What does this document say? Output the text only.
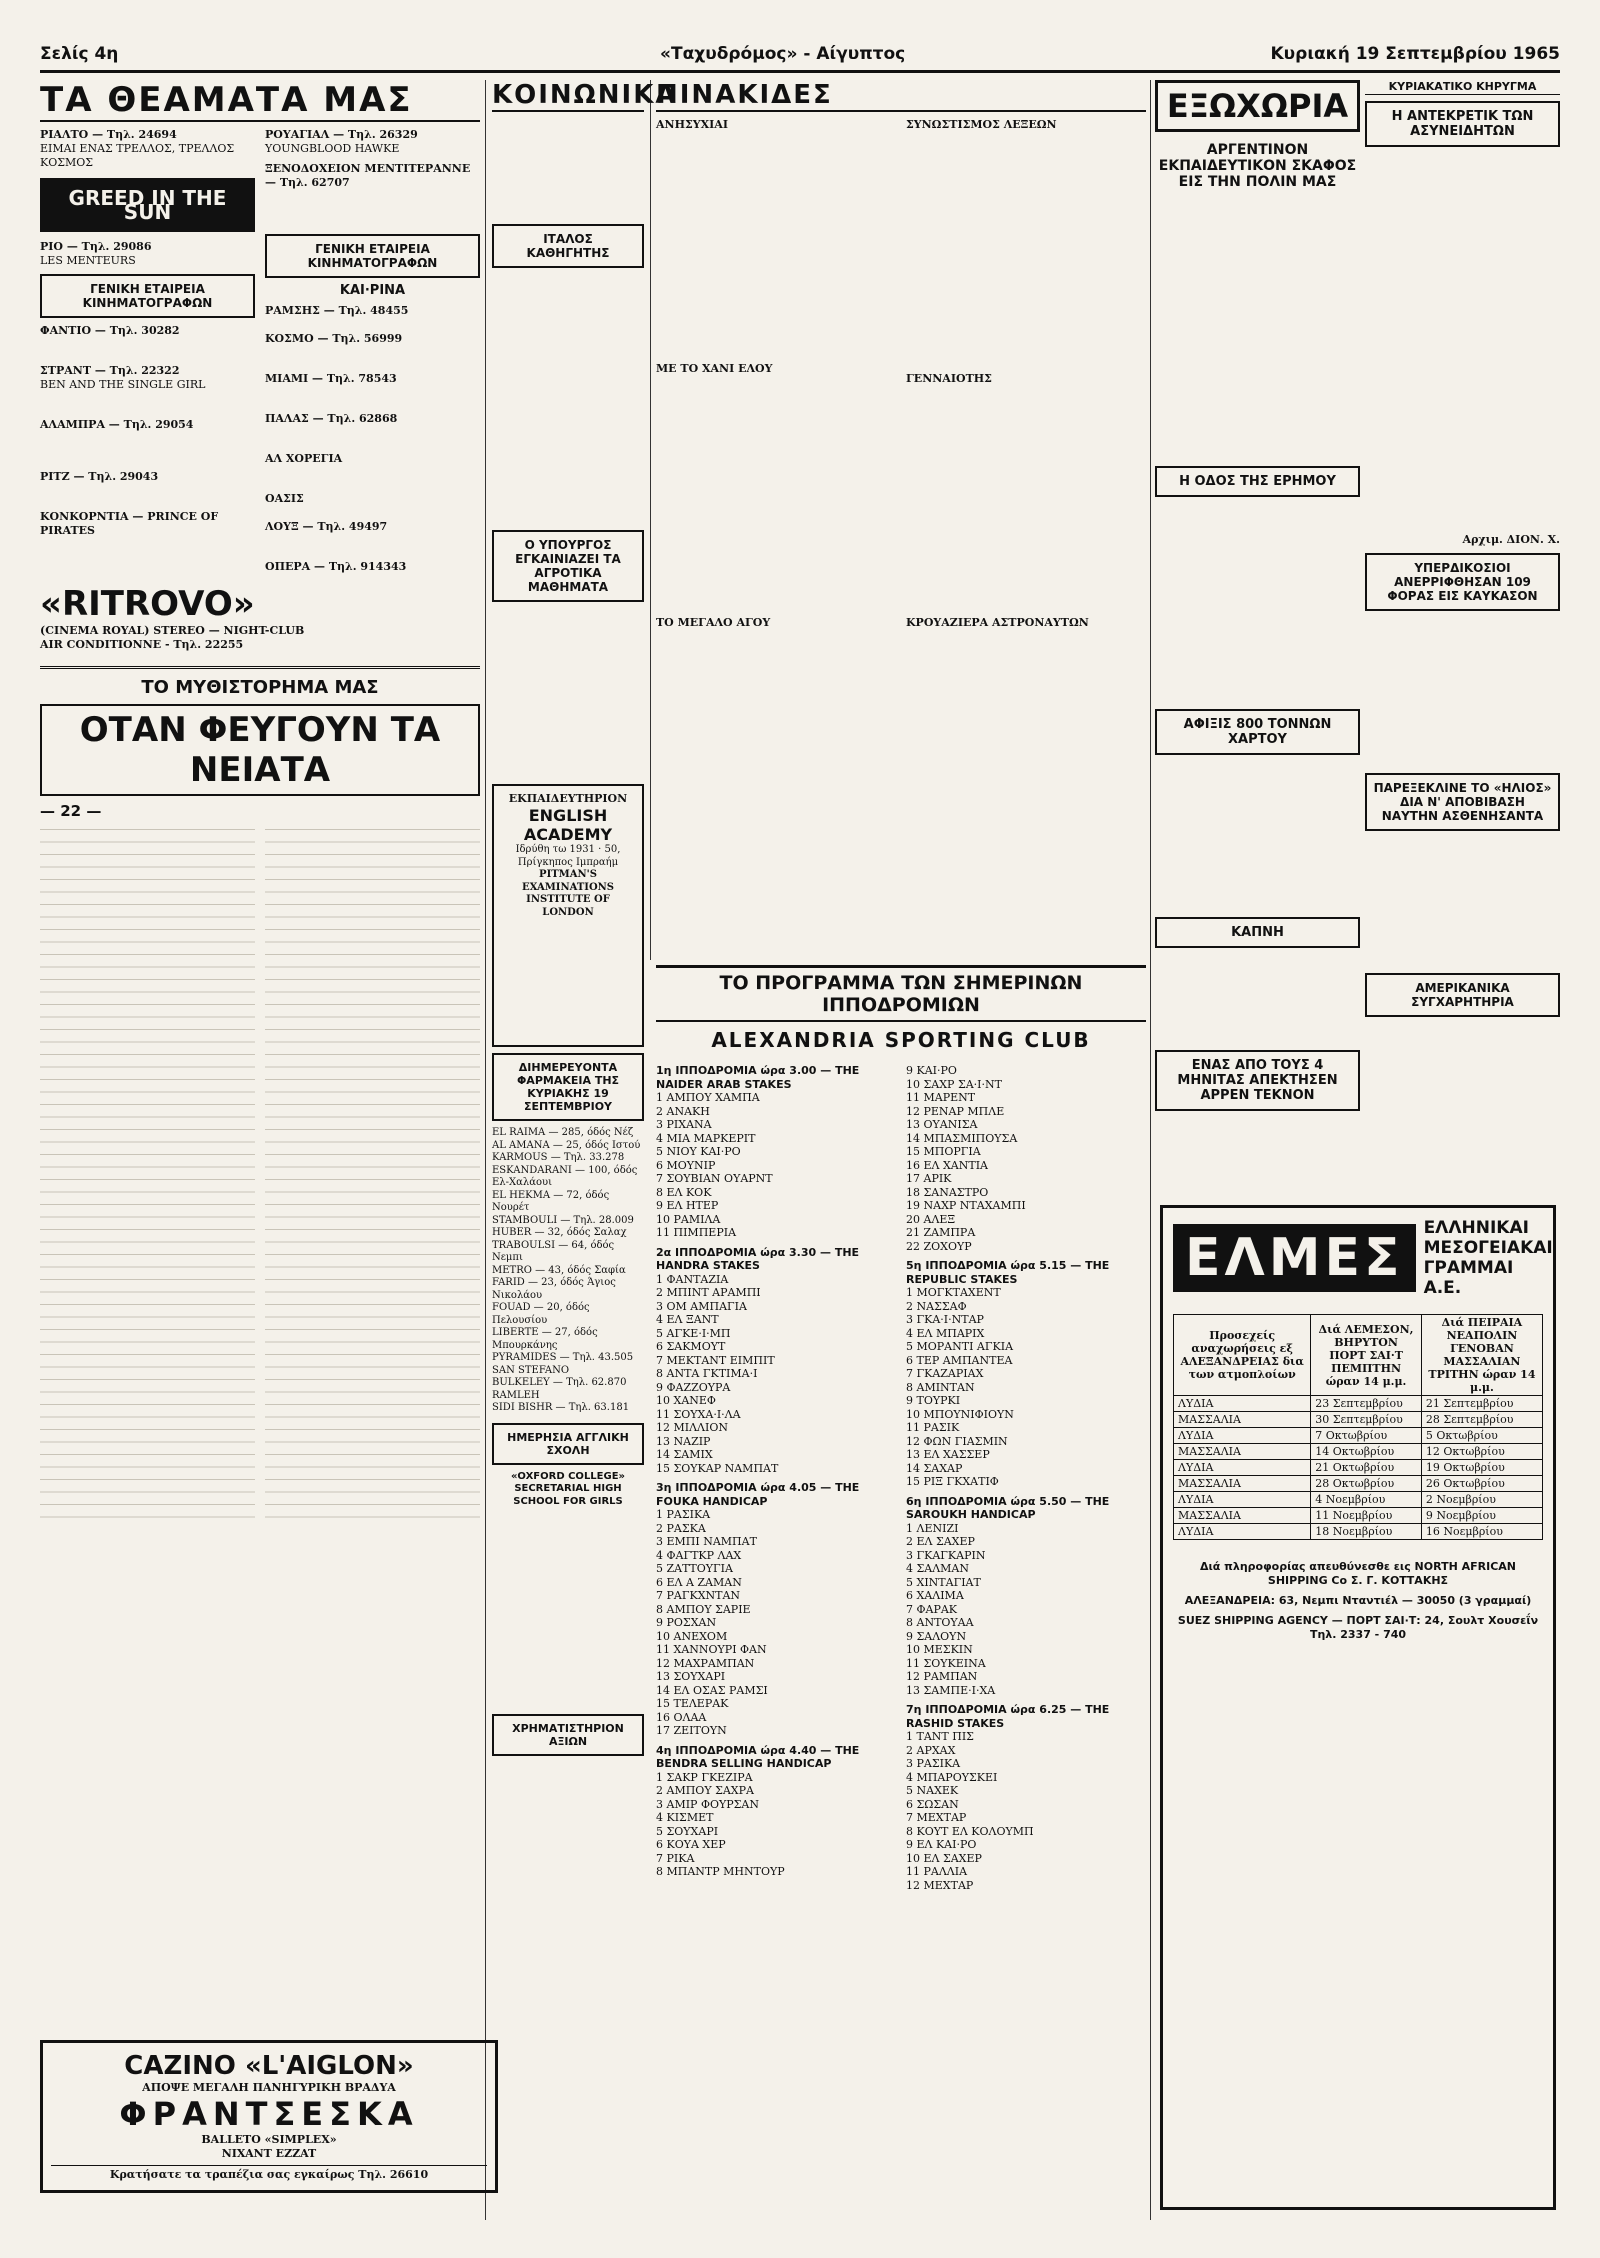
Σελίς 4η	«Ταχυδρόμος» - Αίγυπτος	Κυριακή 19 Σεπτεμβρίου 1965
ΤΑ ΘΕΑΜΑΤΑ ΜΑΣ
ΡΙΑΛΤΟ — Τηλ. 24694
ΕΙΜΑΙ ΕΝΑΣ ΤΡΕΛΛΟΣ, ΤΡΕΛΛΟΣ ΚΟΣΜΟΣ
GREED IN THE SUN
ΡΙΟ — Τηλ. 29086
LES MENTEURS
ΓΕΝΙΚΗ ΕΤΑΙΡΕΙΑ ΚΙΝΗΜΑΤΟΓΡΑΦΩΝ
ΦΑΝΤΙΟ — Τηλ. 30282
ΣΤΡΑΝΤ — Τηλ. 22322
BEN AND THE SINGLE GIRL
ΑΛΑΜΠΡΑ — Τηλ. 29054
PITZ — Τηλ. 29043
ΚΟΝΚΟΡΝΤΙΑ — PRINCE OF PIRATES
ΡΟΥΑΓΙΑΛ — Τηλ. 26329
YOUNGBLOOD HAWKE
ΞΕΝΟΔΟΧΕΙΟΝ ΜΕΝΤΙΤΕΡΑΝΝΕ — Τηλ. 62707
ΓΕΝΙΚΗ ΕΤΑΙΡΕΙΑ ΚΙΝΗΜΑΤΟΓΡΑΦΩΝ
ΚΑΙ·ΡΙΝΑ
ΡΑΜΣΗΣ — Τηλ. 48455
ΚΟΣΜΟ — Τηλ. 56999
ΜΙΑΜΙ — Τηλ. 78543
ΠΑΛΑΣ — Τηλ. 62868
ΑΛ ΧΟΡΕΓΙΑ
ΟΑΣΙΣ
ΛΟΥΞ — Τηλ. 49497
ΟΠΕΡΑ — Τηλ. 914343
«RITROVO»
(CINEMA ROYAL) STEREO — NIGHT-CLUB
AIR CONDITIONNE - Τηλ. 22255
ΤΟ ΜΥΘΙΣΤΟΡΗΜΑ ΜΑΣ
ΟΤΑΝ ΦΕΥΓΟΥΝ ΤΑ ΝΕΙΑΤΑ
— 22 —
CAZINO «L'AIGLON»
ΑΠΟΨΕ ΜΕΓΑΛΗ ΠΑΝΗΓΥΡΙΚΗ ΒΡΑΔΥΑ
ΦΡΑΝΤΣΕΣΚΑ
BALLETO «SIMPLEX»
NIXANT EZZAT
Κρατήσατε τα τραπέζια σας εγκαίρως Τηλ. 26610
ΚΟΙΝΩΝΙΚΑ
ΙΤΑΛΟΣ ΚΑΘΗΓΗΤΗΣ
Ο ΥΠΟΥΡΓΟΣ ΕΓΚΑΙΝΙΑΖΕΙ ΤΑ ΑΓΡΟΤΙΚΑ ΜΑΘΗΜΑΤΑ
ΕΚΠΑΙΔΕΥΤΗΡΙΟΝ
ENGLISH ACADEMY
Ιδρύθη τω 1931 · 50, Πρίγκηπος Ιμπραήμ
PITMAN'S EXAMINATIONS INSTITUTE OF LONDON
ΔΙΗΜΕΡΕΥΟΝΤΑ ΦΑΡΜΑΚΕΙΑ ΤΗΣ ΚΥΡΙΑΚΗΣ 19 ΣΕΠΤΕΜΒΡΙΟΥ
EL RAIMA — 285, όδός Νέζ
AL AMANA — 25, όδός Ιστού
KARMOUS — Τηλ. 33.278
ESKANDARANI — 100, όδός Ελ-Χαλάουι
EL HEKMA — 72, όδός Νουρέτ
STAMBOULI — Τηλ. 28.009
HUBER — 32, όδός Σαλαχ
TRABOULSI — 64, όδός Νεμπι
METRO — 43, όδός Σαφία
FARID — 23, όδός Άγιος Νικολάου
FOUAD — 20, όδός Πελουσίου
LIBERTE — 27, όδός Μπουρκάνης
PYRAMIDES — Τηλ. 43.505
SAN STEFANO
BULKELEY — Τηλ. 62.870
RAMLEH
SIDI BISHR — Τηλ. 63.181
ΗΜΕΡΗΣΙΑ ΑΓΓΛΙΚΗ ΣΧΟΛΗ
«OXFORD COLLEGE» SECRETARIAL HIGH SCHOOL FOR GIRLS
ΧΡΗΜΑΤΙΣΤΗΡΙΟΝ ΑΞΙΩΝ
ΠΙΝΑΚΙΔΕΣ
ΑΝΗΣΥΧΙΑΙ
ΜΕ ΤΟ ΧΑΝΙ ΕΛΟΥ
ΤΟ ΜΕΓΑΛΟ ΑΓΟΥ
ΣΥΝΩΣΤΙΣΜΟΣ ΛΕΞΕΩΝ
ΓΕΝΝΑΙΟΤΗΣ
ΚΡΟΥΑΖΙΕΡΑ ΑΣΤΡΟΝΑΥΤΩΝ
ΤΟ ΠΡΟΓΡΑΜΜΑ ΤΩΝ ΣΗΜΕΡΙΝΩΝ ΙΠΠΟΔΡΟΜΙΩΝ
ALEXANDRIA SPORTING CLUB
1η ΙΠΠΟΔΡΟΜΙΑ ώρα 3.00 — THE NAIDER ARAB STAKES
1 ΑΜΠΟΥ ΧΑΜΠΑ
2 ΑΝΑΚΗ
3 ΡΙΧΑΝΑ
4 ΜΙΑ ΜΑΡΚΕΡΙΤ
5 ΝΙΟΥ ΚΑΙ·ΡΟ
6 ΜΟΥΝΙΡ
7 ΣΟΥΒΙΑΝ ΟΥΑΡΝΤ
8 ΕΛ ΚΟΚ
9 ΕΛ ΗΤΕΡ
10 ΡΑΜΙΛΑ
11 ΠΙΜΠΕΡΙΑ
2α ΙΠΠΟΔΡΟΜΙΑ ώρα 3.30 — THE HANDRA STAKES
1 ΦΑΝΤΑΖΙΑ
2 ΜΠΙΝΤ ΑΡΑΜΠΙ
3 ΟΜ ΑΜΠΑΓΙΑ
4 ΕΛ ΞΑΝΤ
5 ΑΓΚΕ·Ι·ΜΠ
6 ΣΑΚΜΟΥΤ
7 ΜΕΚΤΑΝΤ ΕΙΜΠΙΤ
8 ΑΝΤΑ ΓΚΤΙΜΑ·Ι
9 ΦΑΖΖΟΥΡΑ
10 ΧΑΝΕΦ
11 ΣΟΥΧΑ·Ι·ΛΑ
12 ΜΙΛΛΙΟΝ
13 ΝΑΖΙΡ
14 ΣΑΜΙΧ
15 ΣΟΥΚΑΡ ΝΑΜΠΑΤ
3η ΙΠΠΟΔΡΟΜΙΑ ώρα 4.05 — THE FOUKA HANDICAP
1 ΡΑΣΙΚΑ
2 ΡΑΣΚΑ
3 ΕΜΠΙ ΝΑΜΠΑΤ
4 ΦΑΓΤΚΡ ΛΑΧ
5 ΖΑΤΤΟΥΓΙΑ
6 ΕΛ Α ΖΑΜΑΝ
7 ΡΑΓΚΧΝΤΑΝ
8 ΑΜΠΟΥ ΣΑΡΙΕ
9 ΡΟΣΧΑΝ
10 ΑΝΕΧΟΜ
11 ΧΑΝΝΟΥΡΙ ΦΑΝ
12 ΜΑΧΡΑΜΠΑΝ
13 ΣΟΥΧΑΡΙ
14 ΕΛ ΟΣΑΣ ΡΑΜΣΙ
15 ΤΕΛΕΡΑΚ
16 ΟΛΑΑ
17 ΖΕΙΤΟΥΝ
4η ΙΠΠΟΔΡΟΜΙΑ ώρα 4.40 — THE BENDRA SELLING HANDICAP
1 ΣΑΚΡ ΓΚΕΖΙΡΑ
2 ΑΜΠΟΥ ΣΑΧΡΑ
3 ΑΜΙΡ ΦΟΥΡΣΑΝ
4 ΚΙΣΜΕΤ
5 ΣΟΥΧΑΡΙ
6 ΚΟΥΑ ΧΕΡ
7 ΡΙΚΑ
8 ΜΠΑΝΤΡ ΜΗΝΤΟΥΡ
9 ΚΑΙ·ΡΟ
10 ΣΑΧΡ ΣΑ·Ι·ΝΤ
11 ΜΑΡΕΝΤ
12 ΡΕΝΑΡ ΜΠΛΕ
13 ΟΥΑΝΙΣΑ
14 ΜΠΑΣΜΙΠΟΥΣΑ
15 ΜΠΟΡΓΙΑ
16 ΕΛ ΧΑΝΤΙΑ
17 ΑΡΙΚ
18 ΣΑΝΑΣΤΡΟ
19 ΝΑΧΡ ΝΤΑΧΑΜΠΙ
20 ΑΛΕΞ
21 ΖΑΜΠΡΑ
22 ΖΟΧΟΥΡ
5η ΙΠΠΟΔΡΟΜΙΑ ώρα 5.15 — THE REPUBLIC STAKES
1 ΜΟΓΚΤΑΧΕΝΤ
2 ΝΑΣΣΑΦ
3 ΓΚΑ·Ι·ΝΤΑΡ
4 ΕΛ ΜΠΑΡΙΧ
5 ΜΟΡΑΝΤΙ ΑΓΚΙΑ
6 ΤΕΡ ΑΜΠΑΝΤΕΑ
7 ΓΚΑΖΑΡΙΑΧ
8 ΑΜΙΝΤΑΝ
9 ΤΟΥΡΚΙ
10 ΜΠΟΥΝΙΦΙΟΥΝ
11 ΡΑΣΙΚ
12 ΦΩΝ ΓΙΑΣΜΙΝ
13 ΕΛ ΧΑΣΣΕΡ
14 ΣΑΧΑΡ
15 ΡΙΞ ΓΚΧΑΤΙΦ
6η ΙΠΠΟΔΡΟΜΙΑ ώρα 5.50 — THE SAROUKH HANDICAP
1 ΛΕΝΙΖΙ
2 ΕΛ ΣΑΧΕΡ
3 ΓΚΑΓΚΑΡΙΝ
4 ΣΑΛΜΑΝ
5 ΧΙΝΤΑΓΙΑΤ
6 ΧΑΛΙΜΑ
7 ΦΑΡΑΚ
8 ΑΝΤΟΥΑΑ
9 ΣΑΛΟΥΝ
10 ΜΕΣΚΙΝ
11 ΣΟΥΚΕΙΝΑ
12 ΡΑΜΠΑΝ
13 ΣΑΜΠΕ·Ι·ΧΑ
7η ΙΠΠΟΔΡΟΜΙΑ ώρα 6.25 — THE RASHID STAKES
1 ΤΑΝΤ ΠΙΣ
2 ΑΡΧΑΧ
3 ΡΑΣΙΚΑ
4 ΜΠΑΡΟΥΣΚΕΙ
5 ΝΑΧΕΚ
6 ΣΩΣΑΝ
7 ΜΕΧΤΑΡ
8 ΚΟΥΤ ΕΛ ΚΟΛΟΥΜΠ
9 ΕΛ ΚΑΙ·ΡΟ
10 ΕΛ ΣΑΧΕΡ
11 ΡΑΛΛΙΑ
12 ΜΕΧΤΑΡ
ΕΞΩΧΩΡΙΑ
ΑΡΓΕΝΤΙΝΟΝ ΕΚΠΑΙΔΕΥΤΙΚΟΝ ΣΚΑΦΟΣ ΕΙΣ ΤΗΝ ΠΟΛΙΝ ΜΑΣ
Η ΟΔΟΣ ΤΗΣ ΕΡΗΜΟΥ
ΑΦΙΞΙΣ 800 ΤΟΝΝΩΝ ΧΑΡΤΟΥ
ΚΑΠΝΗ
ΕΝΑΣ ΑΠΟ ΤΟΥΣ 4 ΜΗΝΙΤΑΣ ΑΠΕΚΤΗΣΕΝ ΑΡΡΕΝ ΤΕΚΝΟΝ
ΚΥΡΙΑΚΑΤΙΚΟ ΚΗΡΥΓΜΑ
Η ΑΝΤΕΚΡΕΤΙΚ ΤΩΝ ΑΣΥΝΕΙΔΗΤΩΝ
Αρχιμ. ΔΙΟΝ. Χ.
ΥΠΕΡΔΙΚΟΣΙΟΙ ΑΝΕΡΡΙΦΘΗΣΑΝ 109 ΦΟΡΑΣ ΕΙΣ ΚΑΥΚΑΣΟΝ
ΠΑΡΕΞΕΚΛΙΝΕ ΤΟ «ΗΛΙΟΣ» ΔΙΑ Ν' ΑΠΟΒΙΒΑΣΗ ΝΑΥΤΗΝ ΑΣΘΕΝΗΣΑΝΤΑ
ΑΜΕΡΙΚΑΝΙΚΑ ΣΥΓΧΑΡΗΤΗΡΙΑ
ΕΛΜΕΣ	ΕΛΛΗΝΙΚΑΙ ΜΕΣΟΓΕΙΑΚΑΙ ΓΡΑΜΜΑΙ Α.Ε.
Προσεχείς αναχωρήσεις εξ ΑΛΕΞΑΝΔΡΕΙΑΣ δια των ατμοπλοίων	Διά ΛΕΜΕΣΟΝ, ΒΗΡΥΤΟΝ ΠΟΡΤ ΣΑΙ·Τ ΠΕΜΠΤΗΝ ώραν 14 μ.μ.	Διά ΠΕΙΡΑΙΑ ΝΕΑΠΟΛΙΝ ΓΕΝΟΒΑΝ ΜΑΣΣΑΛΙΑΝ ΤΡΙΤΗΝ ώραν 14 μ.μ.
ΛΥΔΙΑ	23 Σεπτεμβρίου	21 Σεπτεμβρίου
ΜΑΣΣΑΛΙΑ	30 Σεπτεμβρίου	28 Σεπτεμβρίου
ΛΥΔΙΑ	7 Οκτωβρίου	5 Οκτωβρίου
ΜΑΣΣΑΛΙΑ	14 Οκτωβρίου	12 Οκτωβρίου
ΛΥΔΙΑ	21 Οκτωβρίου	19 Οκτωβρίου
ΜΑΣΣΑΛΙΑ	28 Οκτωβρίου	26 Οκτωβρίου
ΛΥΔΙΑ	4 Νοεμβρίου	2 Νοεμβρίου
ΜΑΣΣΑΛΙΑ	11 Νοεμβρίου	9 Νοεμβρίου
ΛΥΔΙΑ	18 Νοεμβρίου	16 Νοεμβρίου
Διά πληροφορίας απευθύνεσθε εις NORTH AFRICAN SHIPPING Co Σ. Γ. ΚΟΤΤΑΚΗΣ
ΑΛΕΞΑΝΔΡΕΙΑ: 63, Νεμπι Νταντιέλ — 30050 (3 γραμμαί)
SUEZ SHIPPING AGENCY — ΠΟΡΤ ΣΑΙ·Τ: 24, Σουλτ Χουσεΐν Τηλ. 2337 - 740
